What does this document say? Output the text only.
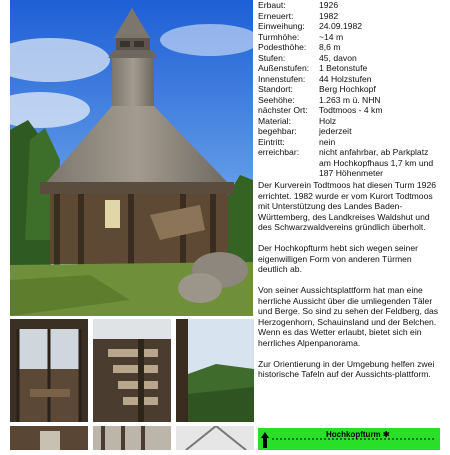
Erbaut:	1926
Erneuert:	1982
Einweihung:	24.09.1982
Turmhöhe:	~14 m
Podesthöhe:	8,6 m
Stufen:	45, davon
Außenstufen:	1 Betonstufe
Innenstufen:	44 Holzstufen
Standort:	Berg Hochkopf
Seehöhe:	1.263 m ü. NHN
nächster Ort:	Todtmoos - 4 km
Material:	Holz
begehbar:	jederzeit
Eintritt:	nein
erreichbar:	nicht anfahrbar, ab Parkplatz
am Hochkopfhaus 1,7 km und
187 Höhenmeter

Der Kurverein Todtmoos hat diesen Turm 1926 errichtet. 1982 wurde er vom Kurort Todtmoos mit Unterstützung des Landes Baden-Württemberg, des Landkreises Waldshut und des Schwarzwaldvereins gründlich überholt.

Der Hochkopfturm hebt sich wegen seiner eigenwilligen Form von anderen Türmen deutlich ab.

Von seiner Aussichtsplattform hat man eine herrliche Aussicht über die umliegenden Täler und Berge. So sind zu sehen der Feldberg, das Herzogenhorn, Schauinsland und der Belchen. Wenn es das Wetter erlaubt, bietet sich ein herrliches Alpenpanorama.

Zur Orientierung in der Umgebung helfen zwei historische Tafeln auf der Aussichts-plattform.

Hochkopfturm ✱
